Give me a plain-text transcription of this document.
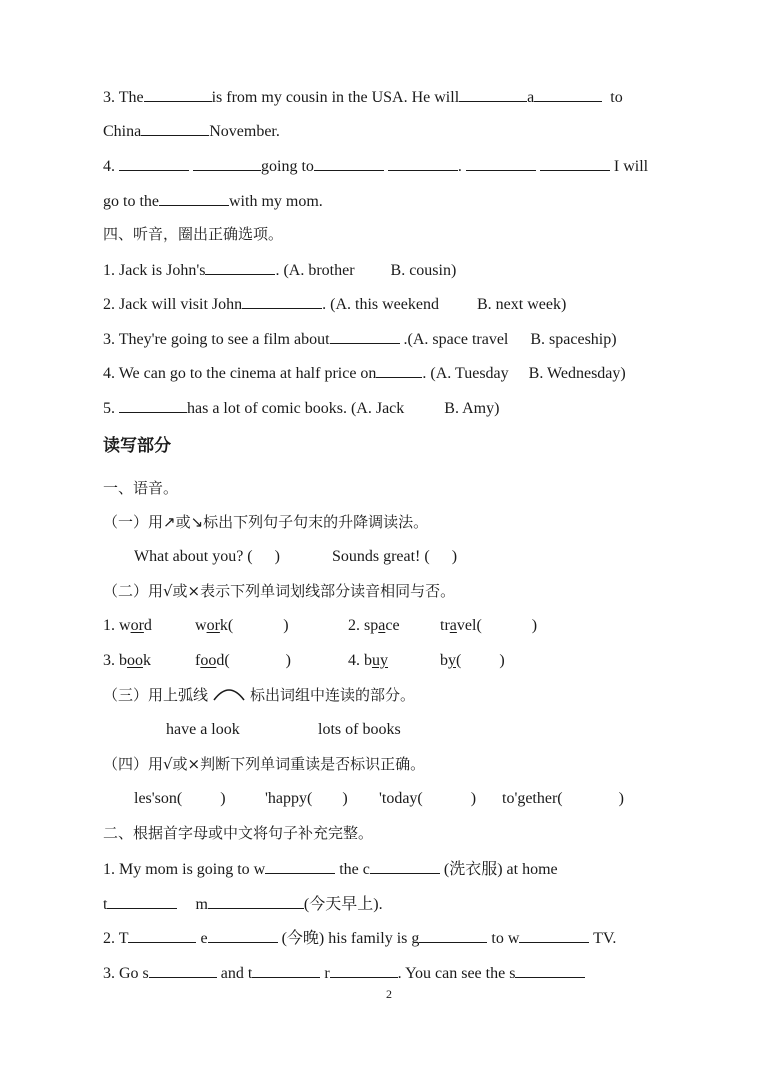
3. The	is from my cousin in the USA. He will	a	to
China	November.
4.	going to	.	I will
go to the	with my mom.
四、听音，圈出正确选项。
1. Jack is John's	. (A. brother B. cousin)
2. Jack will visit John	. (A. this weekend B. next week)
3. They're going to see a film about	.(A. space travel B. spaceship)
4. We can go to the cinema at half price on	. (A. Tuesday B. Wednesday)
5.	has a lot of comic books. (A. Jack	B. Amy)
读写部分
一、语音。
（一）用↗或↘标出下列句子句末的升降调读法。
What about you? ( )	Sounds great! ( )
（二）用√或×表示下列单词划线部分读音相同与否。
1. word	work(	)	2. space	travel(	)
3. book	food(	)	4. buy	by( )
（三）用上弧线	标出词组中连读的部分。
have a look	lots of books
（四）用√或×判断下列单词重读是否标识正确。
les'son( ) 'happy( ) 'today(	) to'gether(	)
二、根据首字母或中文将句子补充完整。
1. My mom is going to w	the c	(洗衣服) at home
t	m	(今天早上).
2. T	e	(今晚) his family is g	to w	TV.
3. Go s	and t	r	. You can see the s
2
